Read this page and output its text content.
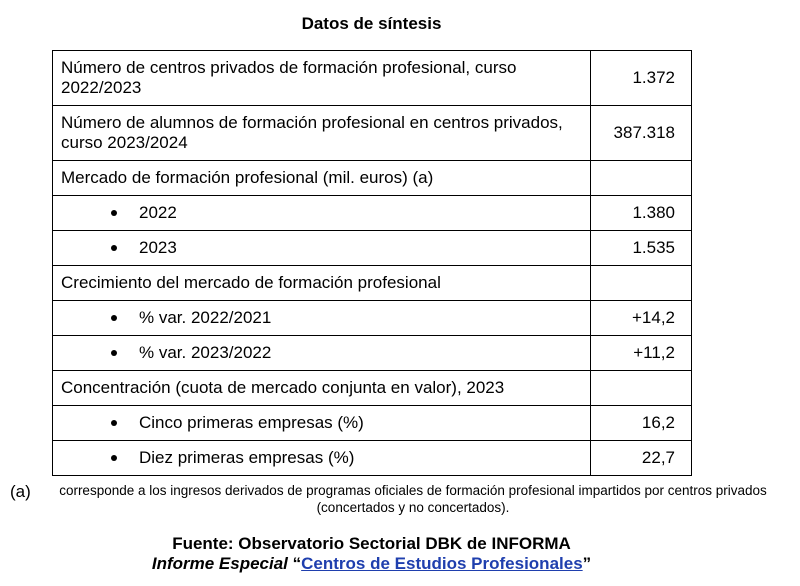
Datos de síntesis
Número de centros privados de formación profesional, curso 2022/2023	1.372
Número de alumnos de formación profesional en centros privados, curso 2023/2024	387.318
Mercado de formación profesional (mil. euros) (a)	

2022	1.380

2023	1.535
Crecimiento del mercado de formación profesional	

% var. 2022/2021	+14,2

% var. 2023/2022	+11,2
Concentración (cuota de mercado conjunta en valor), 2023	

Cinco primeras empresas (%)	16,2

Diez primeras empresas (%)	22,7
(a)	corresponde a los ingresos derivados de programas oficiales de formación profesional impartidos por centros privados (concertados y no concertados).
Fuente: Observatorio Sectorial DBK de INFORMA
Informe Especial “Centros de Estudios Profesionales”
